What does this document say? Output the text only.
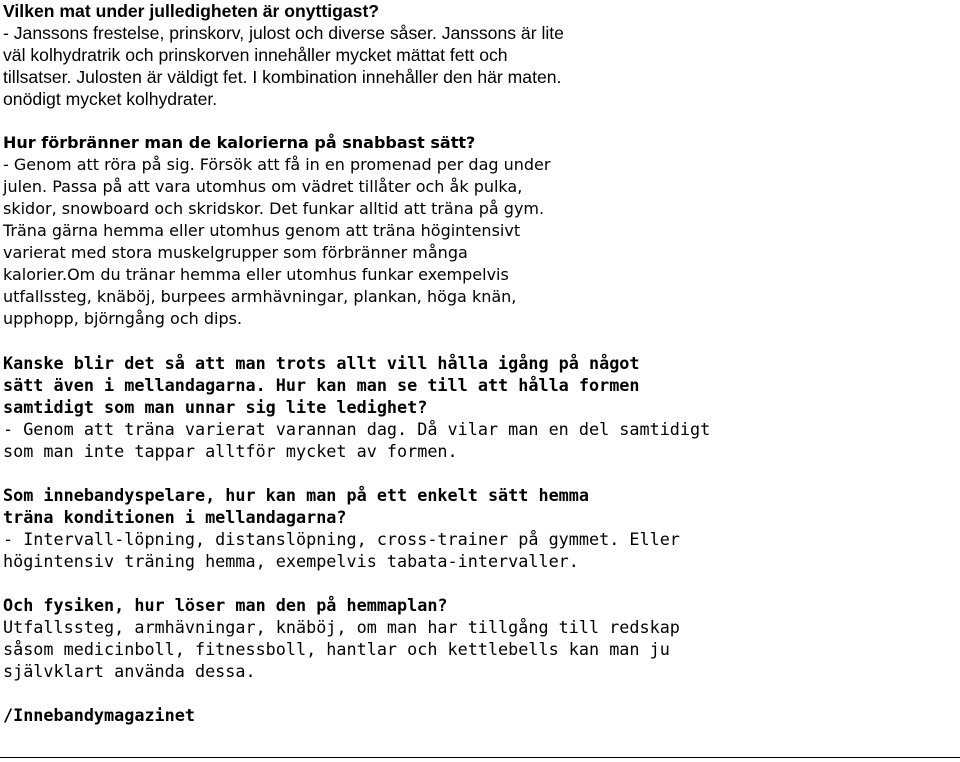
Vilken mat under julledigheten är onyttigast?
- Janssons frestelse, prinskorv, julost och diverse såser. Janssons är lite
väl kolhydratrik och prinskorven innehåller mycket mättat fett och
tillsatser. Julosten är väldigt fet. I kombination innehåller den här maten.
onödigt mycket kolhydrater.
Hur förbränner man de kalorierna på snabbast sätt?
- Genom att röra på sig. Försök att få in en promenad per dag under
julen. Passa på att vara utomhus om vädret tillåter och åk pulka,
skidor, snowboard och skridskor. Det funkar alltid att träna på gym.
Träna gärna hemma eller utomhus genom att träna högintensivt
varierat med stora muskelgrupper som förbränner många
kalorier.Om du tränar hemma eller utomhus funkar exempelvis
utfallssteg, knäböj, burpees armhävningar, plankan, höga knän,
upphopp, björngång och dips.
Kanske blir det så att man trots allt vill hålla igång på något
sätt även i mellandagarna. Hur kan man se till att hålla formen
samtidigt som man unnar sig lite ledighet?
- Genom att träna varierat varannan dag. Då vilar man en del samtidigt
som man inte tappar alltför mycket av formen.
Som innebandyspelare, hur kan man på ett enkelt sätt hemma
träna konditionen i mellandagarna?
- Intervall-löpning, distanslöpning, cross-trainer på gymmet. Eller
högintensiv träning hemma, exempelvis tabata-intervaller.
Och fysiken, hur löser man den på hemmaplan?
Utfallssteg, armhävningar, knäböj, om man har tillgång till redskap
såsom medicinboll, fitnessboll, hantlar och kettlebells kan man ju
självklart använda dessa.
/Innebandymagazinet
